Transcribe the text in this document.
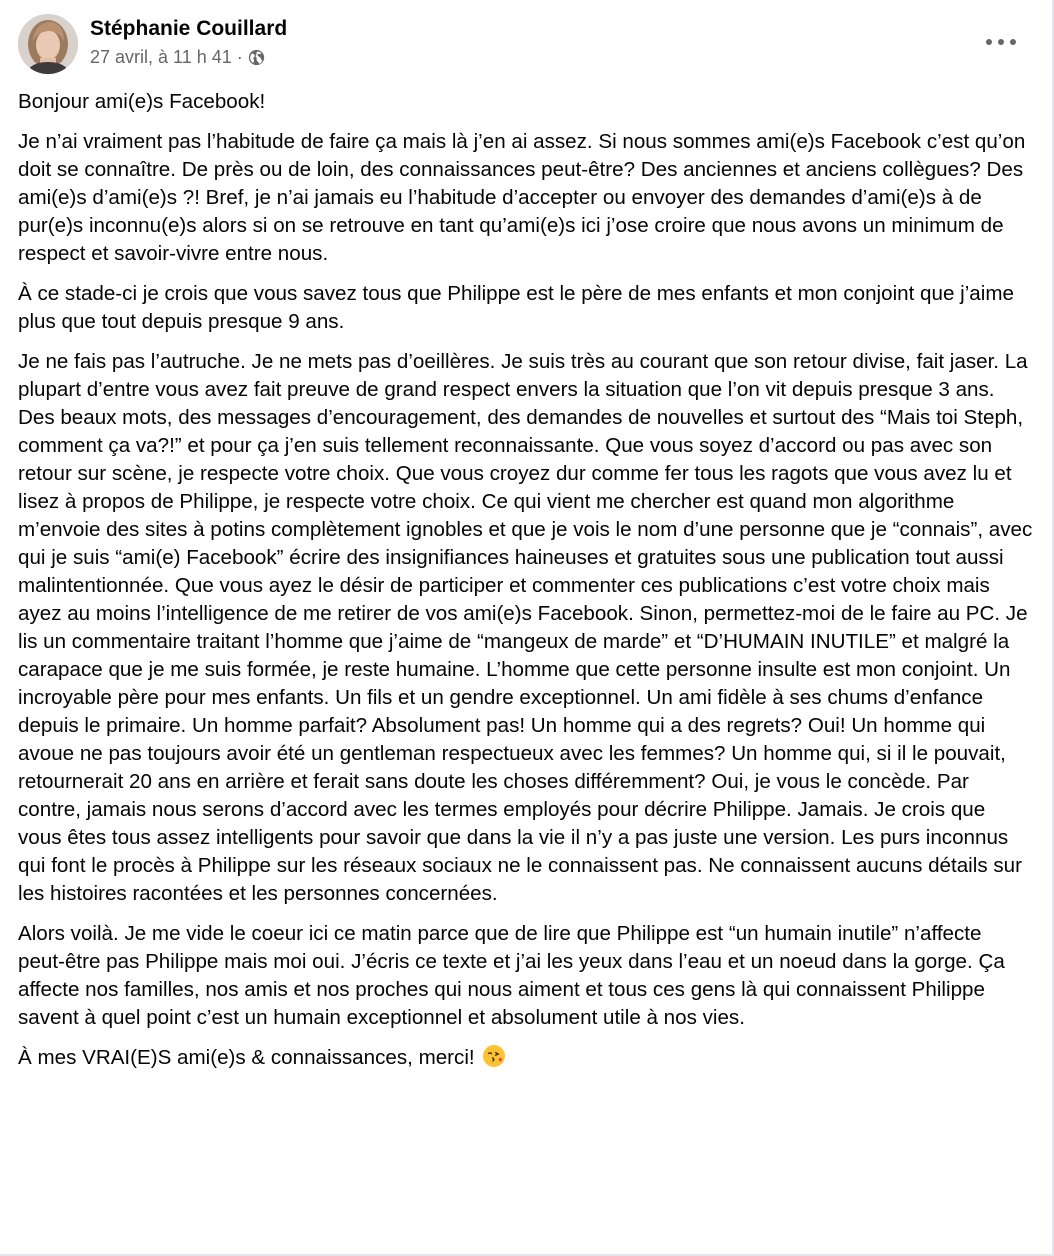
Stéphanie Couillard
27 avril, à 11 h 41 ·

Bonjour ami(e)s Facebook!

Je n’ai vraiment pas l’habitude de faire ça mais là j’en ai assez. Si nous sommes ami(e)s Facebook c’est qu’on doit se connaître. De près ou de loin, des connaissances peut-être? Des anciennes et anciens collègues? Des ami(e)s d’ami(e)s ?! Bref, je n’ai jamais eu l’habitude d’accepter ou envoyer des demandes d’ami(e)s à de pur(e)s inconnu(e)s alors si on se retrouve en tant qu’ami(e)s ici j’ose croire que nous avons un minimum de respect et savoir-vivre entre nous.

À ce stade-ci je crois que vous savez tous que Philippe est le père de mes enfants et mon conjoint que j’aime plus que tout depuis presque 9 ans.

Je ne fais pas l’autruche. Je ne mets pas d’oeillères. Je suis très au courant que son retour divise, fait jaser. La plupart d’entre vous avez fait preuve de grand respect envers la situation que l’on vit depuis presque 3 ans. Des beaux mots, des messages d’encouragement, des demandes de nouvelles et surtout des “Mais toi Steph, comment ça va?!” et pour ça j’en suis tellement reconnaissante. Que vous soyez d’accord ou pas avec son retour sur scène, je respecte votre choix. Que vous croyez dur comme fer tous les ragots que vous avez lu et lisez à propos de Philippe, je respecte votre choix. Ce qui vient me chercher est quand mon algorithme m’envoie des sites à potins complètement ignobles et que je vois le nom d’une personne que je “connais”, avec qui je suis “ami(e) Facebook” écrire des insignifiances haineuses et gratuites sous une publication tout aussi malintentionnée. Que vous ayez le désir de participer et commenter ces publications c’est votre choix mais ayez au moins l’intelligence de me retirer de vos ami(e)s Facebook. Sinon, permettez-moi de le faire au PC. Je lis un commentaire traitant l’homme que j’aime de “mangeux de marde” et “D’HUMAIN INUTILE” et malgré la carapace que je me suis formée, je reste humaine. L’homme que cette personne insulte est mon conjoint. Un incroyable père pour mes enfants. Un fils et un gendre exceptionnel. Un ami fidèle à ses chums d’enfance depuis le primaire. Un homme parfait? Absolument pas! Un homme qui a des regrets? Oui! Un homme qui avoue ne pas toujours avoir été un gentleman respectueux avec les femmes? Un homme qui, si il le pouvait, retournerait 20 ans en arrière et ferait sans doute les choses différemment? Oui, je vous le concède. Par contre, jamais nous serons d’accord avec les termes employés pour décrire Philippe. Jamais. Je crois que vous êtes tous assez intelligents pour savoir que dans la vie il n’y a pas juste une version. Les purs inconnus qui font le procès à Philippe sur les réseaux sociaux ne le connaissent pas. Ne connaissent aucuns détails sur les histoires racontées et les personnes concernées.

Alors voilà. Je me vide le coeur ici ce matin parce que de lire que Philippe est “un humain inutile” n’affecte peut-être pas Philippe mais moi oui. J’écris ce texte et j’ai les yeux dans l’eau et un noeud dans la gorge. Ça affecte nos familles, nos amis et nos proches qui nous aiment et tous ces gens là qui connaissent Philippe savent à quel point c’est un humain exceptionnel et absolument utile à nos vies.

À mes VRAI(E)S ami(e)s & connaissances, merci!
